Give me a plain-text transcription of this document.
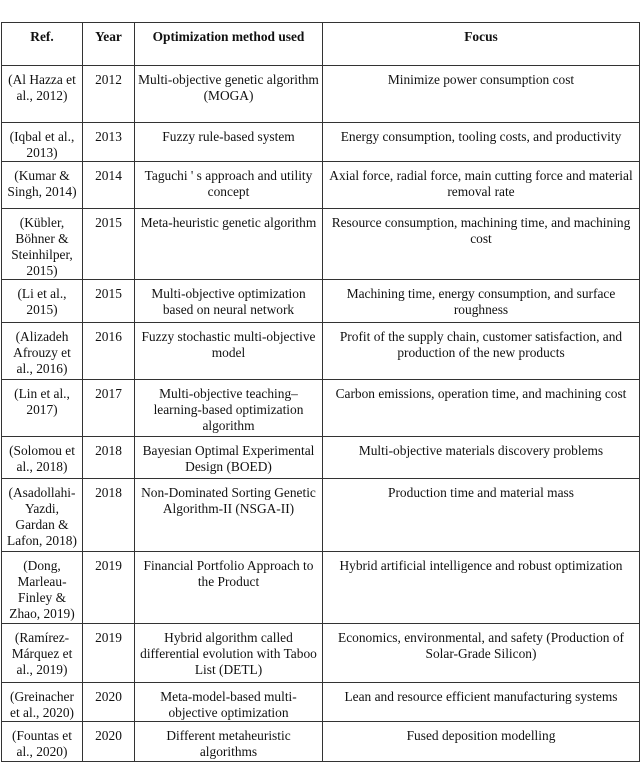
Ref.	Year	Optimization method used	Focus
(Al Hazza et al., 2012)	2012	Multi-objective genetic algorithm (MOGA)	Minimize power consumption cost
(Iqbal et al., 2013)	2013	Fuzzy rule-based system	Energy consumption, tooling costs, and productivity
(Kumar & Singh, 2014)	2014	Taguchi ' s approach and utility concept	Axial force, radial force, main cutting force and material removal rate
(Kübler, Böhner & Steinhilper, 2015)	2015	Meta-heuristic genetic algorithm	Resource consumption, machining time, and machining cost
(Li et al., 2015)	2015	Multi-objective optimization based on neural network	Machining time, energy consumption, and surface roughness
(Alizadeh Afrouzy et al., 2016)	2016	Fuzzy stochastic multi-objective model	Profit of the supply chain, customer satisfaction, and production of the new products
(Lin et al., 2017)	2017	Multi-objective teaching–learning-based optimization algorithm	Carbon emissions, operation time, and machining cost
(Solomou et al., 2018)	2018	Bayesian Optimal Experimental Design (BOED)	Multi-objective materials discovery problems
(Asadollahi-Yazdi, Gardan & Lafon, 2018)	2018	Non-Dominated Sorting Genetic Algorithm-II (NSGA-II)	Production time and material mass
(Dong, Marleau-Finley & Zhao, 2019)	2019	Financial Portfolio Approach to the Product	Hybrid artificial intelligence and robust optimization
(Ramírez-Márquez et al., 2019)	2019	Hybrid algorithm called differential evolution with Taboo List (DETL)	Economics, environmental, and safety (Production of Solar-Grade Silicon)
(Greinacher et al., 2020)	2020	Meta-model-based multi-objective optimization	Lean and resource efficient manufacturing systems
(Fountas et al., 2020)	2020	Different metaheuristic algorithms	Fused deposition modelling
